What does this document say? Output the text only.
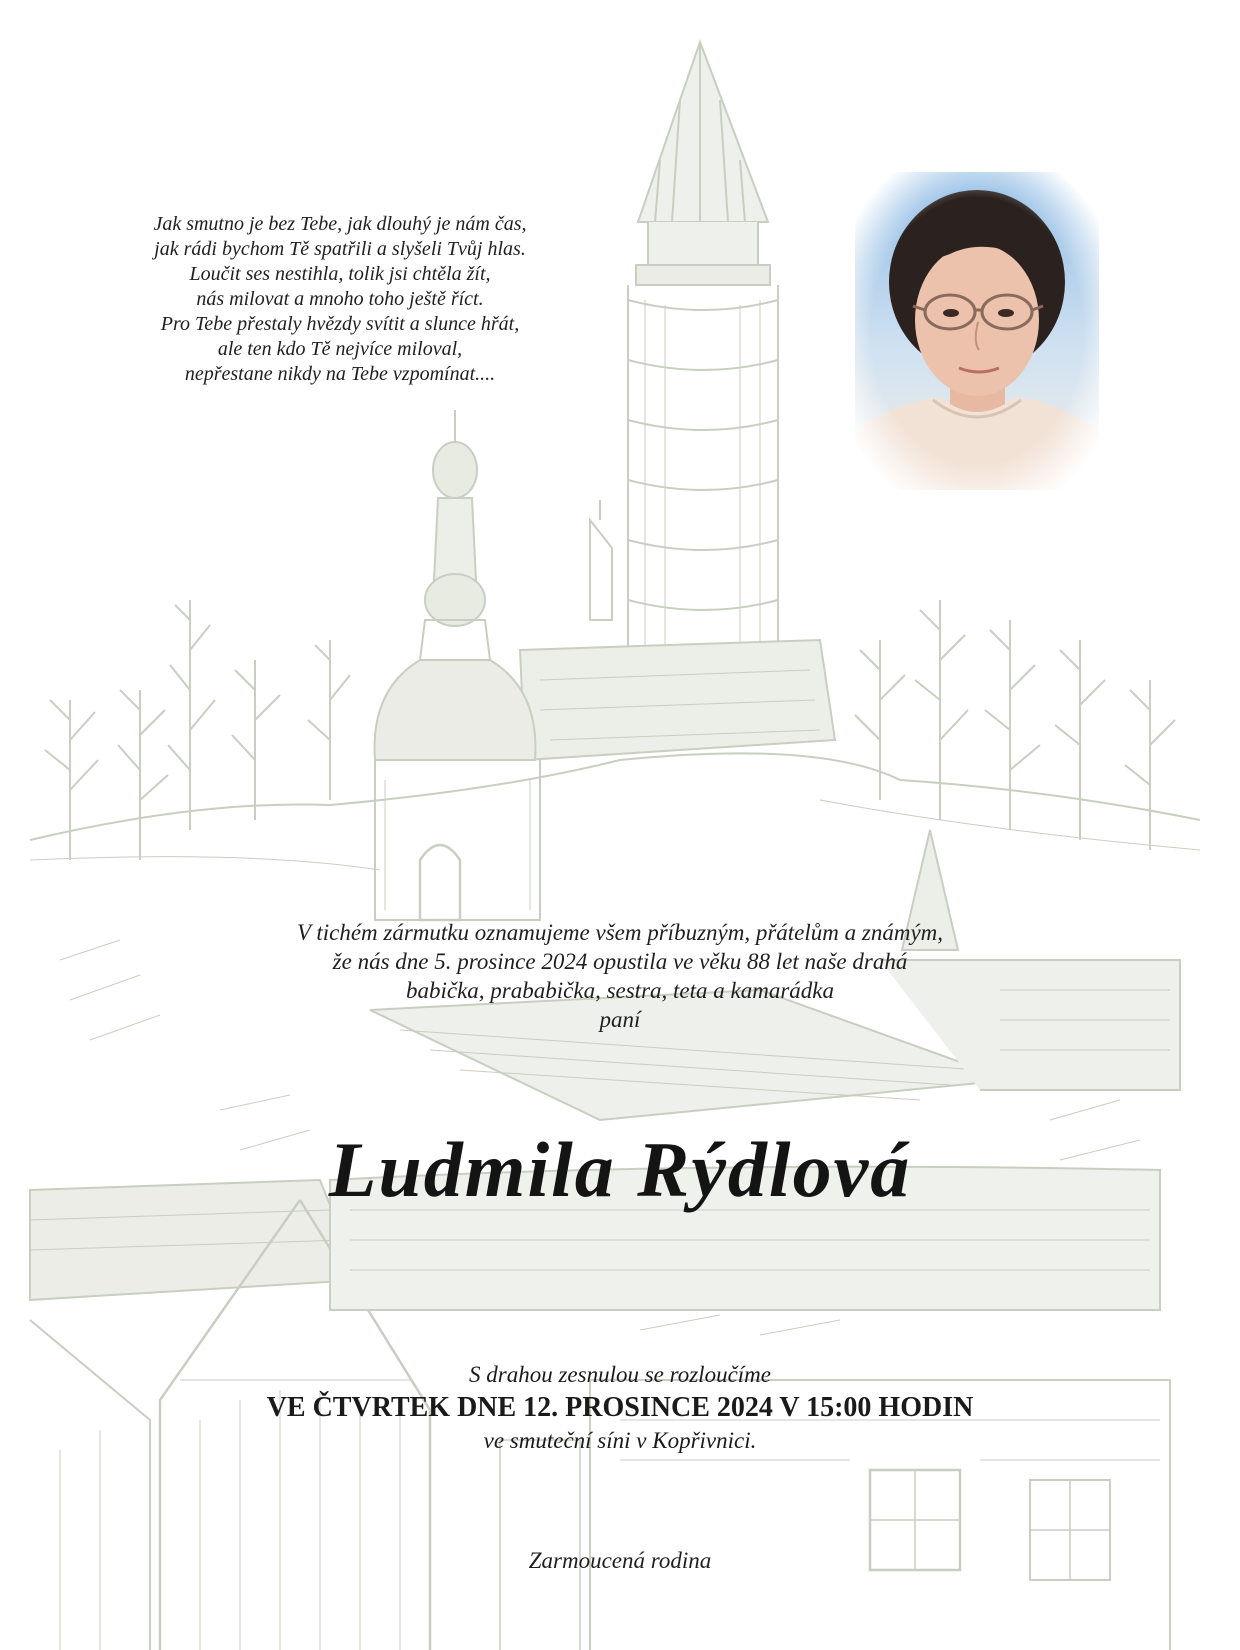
Jak smutno je bez Tebe, jak dlouhý je nám čas,
jak rádi bychom Tě spatřili a slyšeli Tvůj hlas.
Loučit ses nestihla, tolik jsi chtěla žít,
nás milovat a mnoho toho ještě říct.
Pro Tebe přestaly hvězdy svítit a slunce hřát,
ale ten kdo Tě nejvíce miloval,
nepřestane nikdy na Tebe vzpomínat....
V tichém zármutku oznamujeme všem příbuzným, přátelům a známým,
že nás dne 5. prosince 2024 opustila ve věku 88 let naše drahá
babička, prababička, sestra, teta a kamarádka
paní
Ludmila Rýdlová
S drahou zesnulou se rozloučíme
VE ČTVRTEK DNE 12. PROSINCE 2024 V 15:00 HODIN
ve smuteční síni v Kopřivnici.
Zarmoucená rodina
